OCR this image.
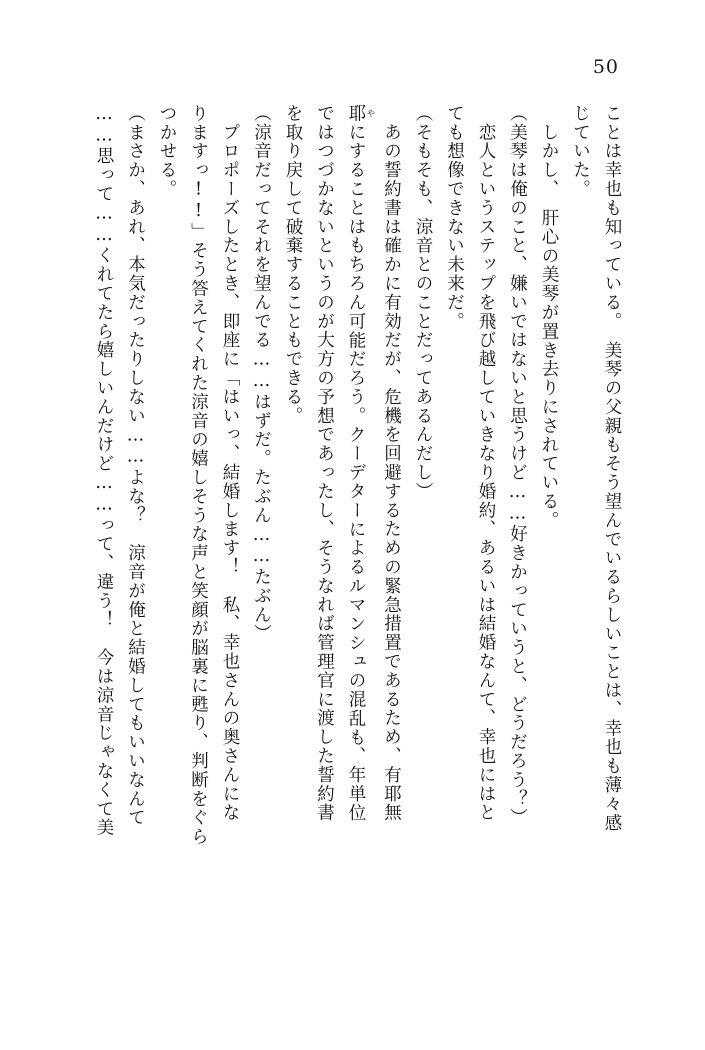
50
ことは幸也も知っている。　美琴の父親もそう望んでいるらしいことは、幸也も薄々感
じていた。
　しかし、　肝心の美琴が置き去りにされている。
（美琴は俺のこと、嫌いではないと思うけど……好きかっていうと、どうだろう？）
　恋人というステップを飛び越していきなり婚約、あるいは結婚なんて、幸也にはと
ても想像できない未来だ。
（そもそも、涼音とのことだってあるんだし）
　あの誓約書は確かに有効だが、危機を回避するための緊急措置であるため、有耶無
耶 やにすることはもちろん可能だろう。クーデターによるルマンシュの混乱も、年単位
ではつづかないというのが大方の予想であったし、そうなれば管理官に渡した誓約書
を取り戻して破棄することもできる。
（涼音だってそれを望んでる……はずだ。たぶん……たぶん）
　プロポーズしたとき、即座に「はいっ、結婚します！　私、幸也さんの奥さんにな
りますっ!!」そう答えてくれた涼音の嬉しそうな声と笑顔が脳裏に甦り、判断をぐら
つかせる。
（まさか、あれ、本気だったりしない……よな？　涼音が俺と結婚してもいいなんて
……思って……くれてたら嬉しいんだけど……って、違う！　今は涼音じゃなくて美
